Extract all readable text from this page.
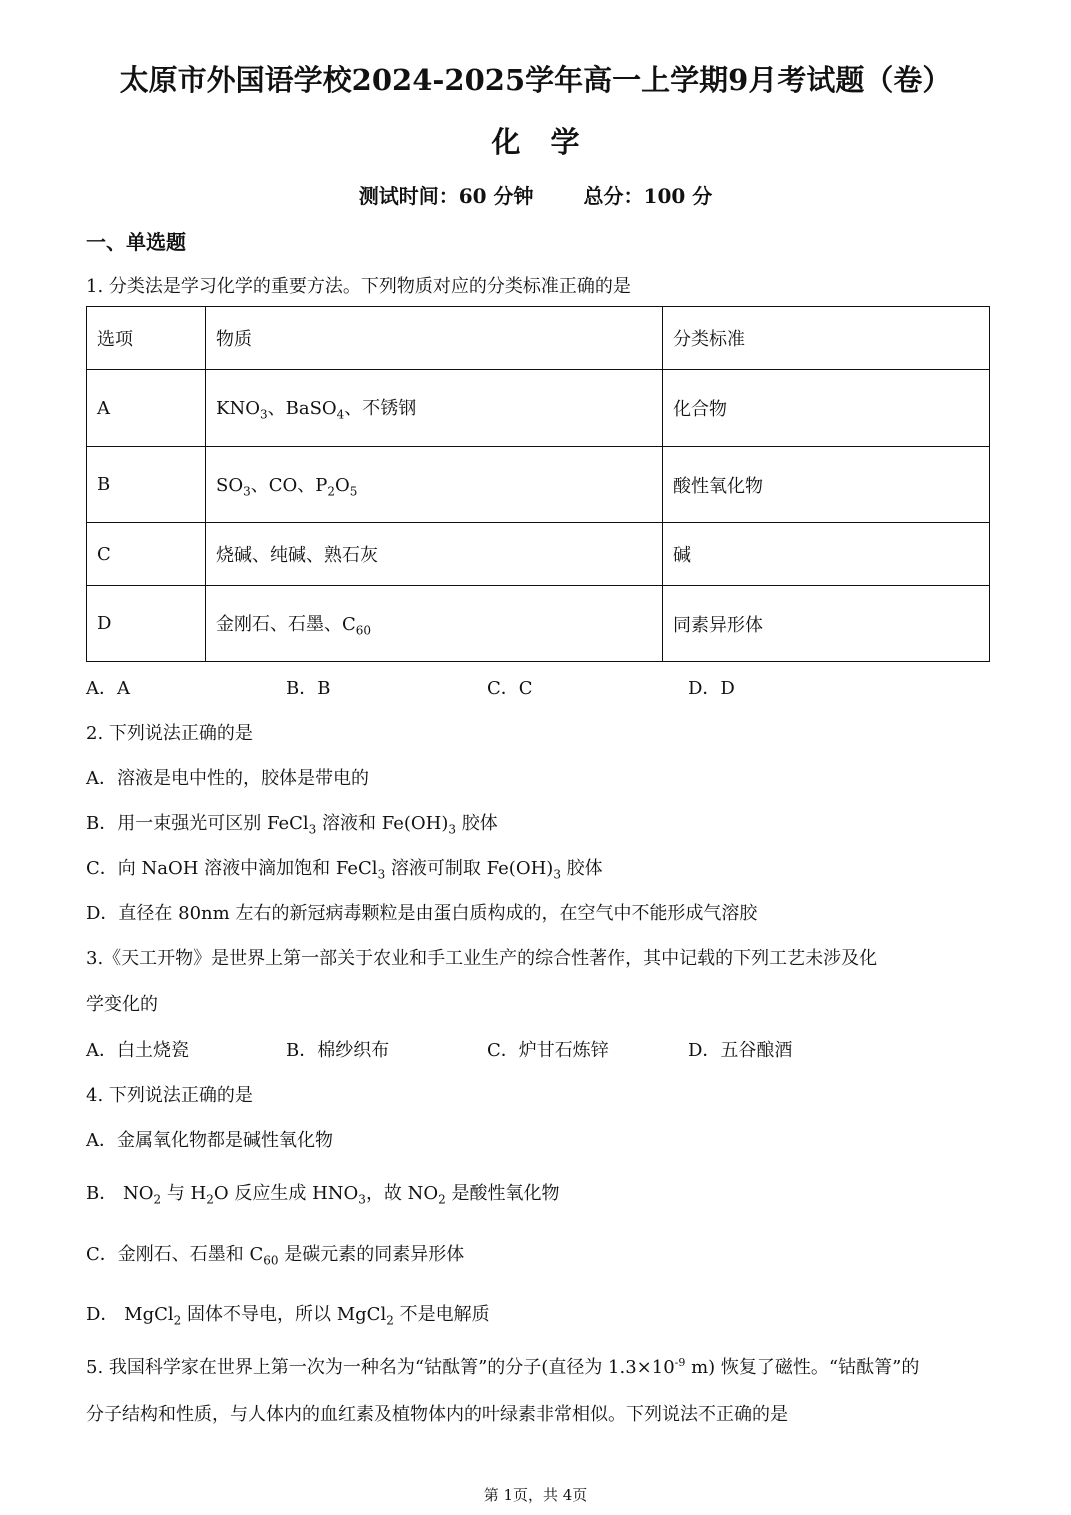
太原市外国语学校2024-2025学年高一上学期9月考试题（卷）
化学
测试时间：60 分钟	总分：100 分
一、单选题
1. 分类法是学习化学的重要方法。下列物质对应的分类标准正确的是
选项	物质	分类标准
A	$KNO_3$、BaSO$_4$、不锈钢	化合物
B	$SO_3$、CO、$P_2O_5$	酸性氧化物
C	烧碱、纯碱、熟石灰	碱
D	金刚石、石墨、$C_{60}$	同素异形体
A．A	B．B	C．C	D．D
2. 下列说法正确的是
A．溶液是电中性的，胶体是带电的
B．用一束强光可区别 FeCl$_3$ 溶液和 $Fe(OH)_3$ 胶体
C．向 NaOH 溶液中滴加饱和 FeCl$_3$ 溶液可制取 $Fe(OH)_3$ 胶体
D．直径在 80nm 左右的新冠病毒颗粒是由蛋白质构成的，在空气中不能形成气溶胶
3.《天工开物》是世界上第一部关于农业和手工业生产的综合性著作，其中记载的下列工艺未涉及化
学变化的
A．白土烧瓷	B．棉纱织布	C．炉甘石炼锌	D．五谷酿酒
4. 下列说法正确的是
A．金属氧化物都是碱性氧化物
B． $NO_2$ 与 $H_2O$ 反应生成 $HNO_3$，故 $NO_2$ 是酸性氧化物
C．金刚石、石墨和 $C_{60}$ 是碳元素的同素异形体
D． MgCl$_2$ 固体不导电，所以 MgCl$_2$ 不是电解质
5. 我国科学家在世界上第一次为一种名为“钴酞箐”的分子(直径为 $1.3\times 10^{-9}$ m) 恢复了磁性。“钴酞箐”的
分子结构和性质，与人体内的血红素及植物体内的叶绿素非常相似。下列说法不正确的是
第 1页，共 4页
